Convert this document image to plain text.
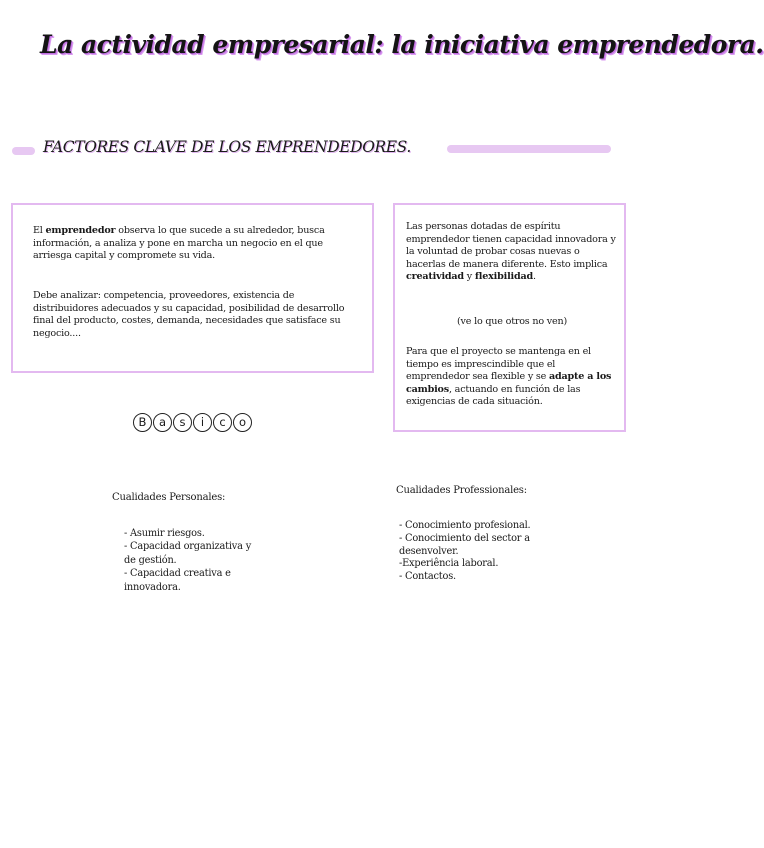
La actividad empresarial: la iniciativa emprendedora.
FACTORES CLAVE DE LOS EMPRENDEDORES.

El emprendedor observa lo que sucede a su alrededor, busca información, a analiza y pone en marcha un negocio en el que arriesga capital y compromete su vida.

Debe analizar: competencia, proveedores, existencia de distribuidores adecuados y su capacidad, posibilidad de desarrollo final del producto, costes, demanda, necesidades que satisface su negocio....

Las personas dotadas de espíritu emprendedor tienen capacidad innovadora y la voluntad de probar cosas nuevas o hacerlas de manera diferente. Esto implica creatividad y flexibilidad.

(ve lo que otros no ven)

Para que el proyecto se mantenga en el tiempo es imprescindible que el emprendedor sea flexible y se adapte a los cambios, actuando en función de las exigencias de cada situación.

B	a	s	i	c	o

Cualidades Personales:

- Asumir riesgos.
- Capacidad organizativa y de gestión.
- Capacidad creativa e innovadora.

Cualidades Professionales:

- Conocimiento profesional.
- Conocimiento del sector a desenvolver.
-Experiência laboral.
- Contactos.
